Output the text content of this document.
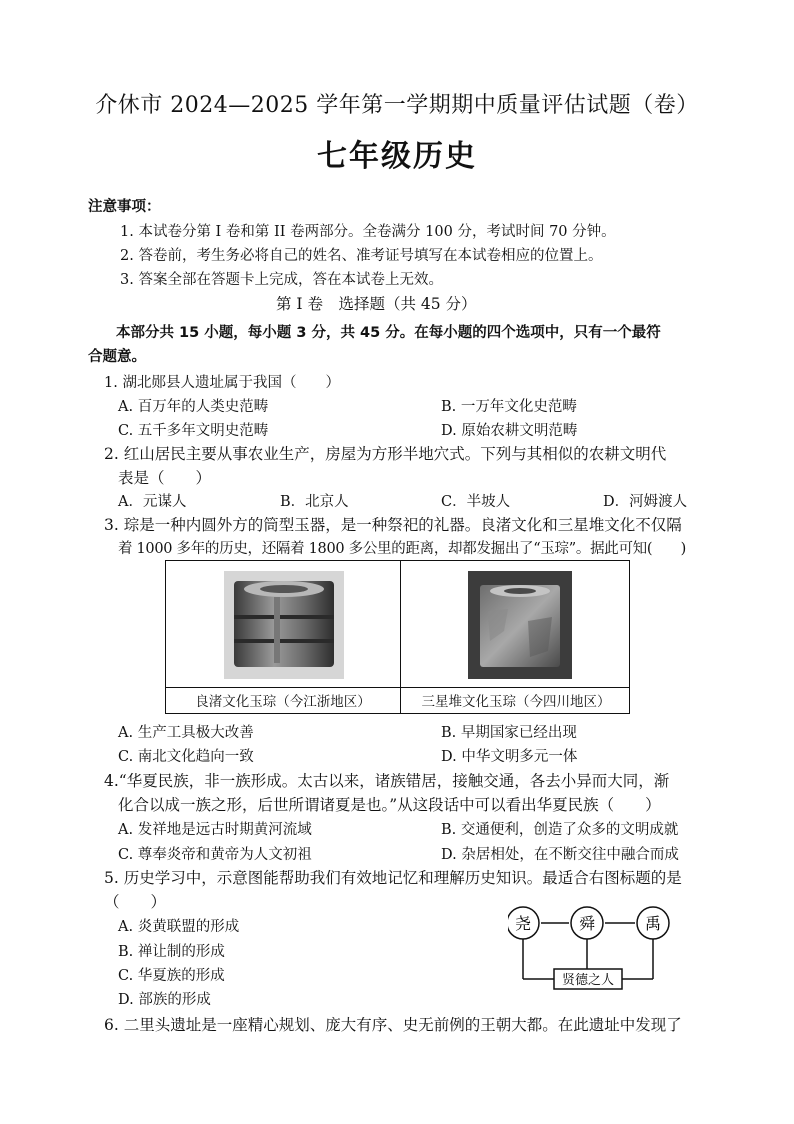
介休市 2024—2025 学年第一学期期中质量评估试题（卷）
七年级历史
注意事项：
1. 本试卷分第 I 卷和第 II 卷两部分。全卷满分 100 分，考试时间 70 分钟。
2. 答卷前，考生务必将自己的姓名、准考证号填写在本试卷相应的位置上。
3. 答案全部在答题卡上完成，答在本试卷上无效。
第 I 卷　选择题（共 45 分）
本部分共 15 小题，每小题 3 分，共 45 分。在每小题的四个选项中，只有一个最符
合题意。
1. 湖北郧县人遗址属于我国（　　）
A. 百万年的人类史范畴	B. 一万年文化史范畴
C. 五千多年文明史范畴	D. 原始农耕文明范畴
2. 红山居民主要从事农业生产，房屋为方形半地穴式。下列与其相似的农耕文明代
表是（　　）
A．元谋人	B．北京人	C．半坡人	D．河姆渡人
3. 琮是一种内圆外方的筒型玉器，是一种祭祀的礼器。良渚文化和三星堆文化不仅隔
着 1000 多年的历史，还隔着 1800 多公里的距离，却都发掘出了“玉琮”。据此可知(　　)
良渚文化玉琮（今江浙地区）	三星堆文化玉琮（今四川地区）
A. 生产工具极大改善	B. 早期国家已经出现
C. 南北文化趋向一致	D. 中华文明多元一体
4.“华夏民族，非一族形成。太古以来，诸族错居，接触交通，各去小异而大同，渐
化合以成一族之形，后世所谓诸夏是也。”从这段话中可以看出华夏民族（　　）
A. 发祥地是远古时期黄河流域	B. 交通便利，创造了众多的文明成就
C. 尊奉炎帝和黄帝为人文初祖	D. 杂居相处，在不断交往中融合而成
5. 历史学习中，示意图能帮助我们有效地记忆和理解历史知识。最适合右图标题的是
（　　）
A. 炎黄联盟的形成
B. 禅让制的形成
C. 华夏族的形成
D. 部族的形成
尧	舜	禹
贤德之人
6. 二里头遗址是一座精心规划、庞大有序、史无前例的王朝大都。在此遗址中发现了
